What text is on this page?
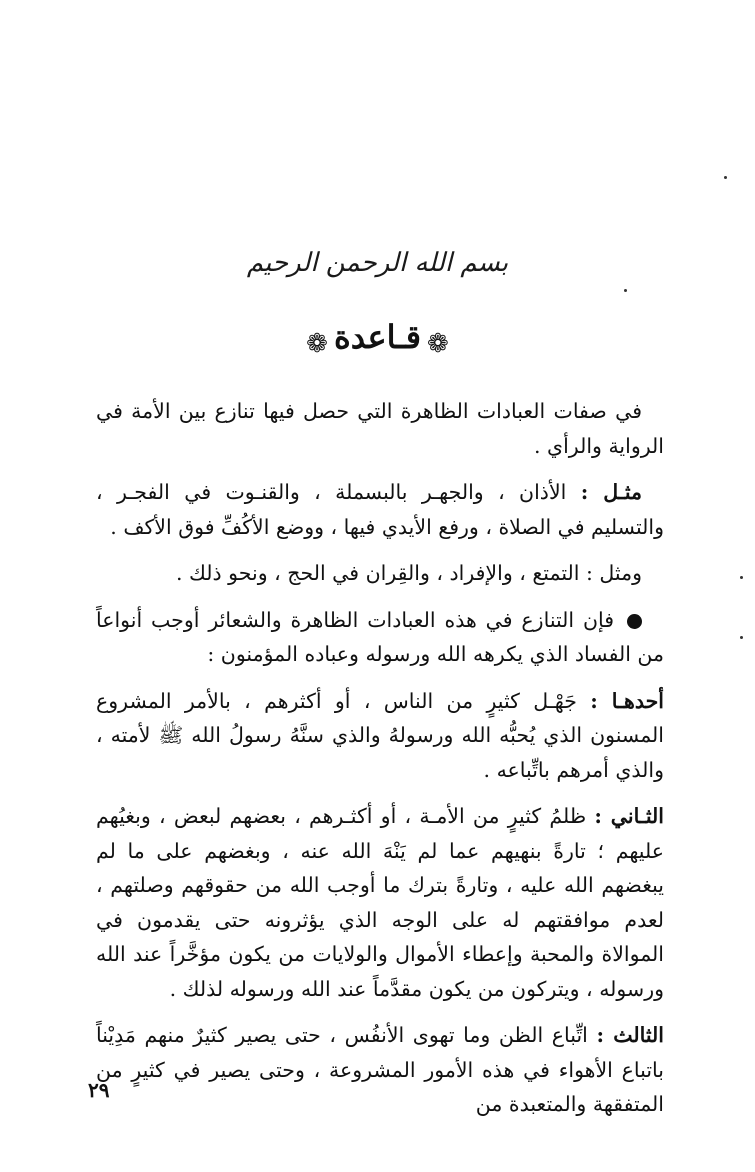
بسم الله الرحمن الرحيم
❁قـاعدة❁

في صفات العبادات الظاهرة التي حصل فيها تنازع بين الأمة في الرواية والرأي .

مثـل : الأذان ، والجهـر بالبسملة ، والقنـوت في الفجـر ، والتسليم في الصلاة ، ورفع الأيدي فيها ، ووضع الأكُفِّ فوق الأكف .

ومثل : التمتع ، والإفراد ، والقِران في الحج ، ونحو ذلك .

فإن التنازع في هذه العبادات الظاهرة والشعائر أوجب أنواعاً من الفساد الذي يكرهه الله ورسوله وعباده المؤمنون :

أحدهـا : جَهْـل كثيرٍ من الناس ، أو أكثرهم ، بالأمر المشروع المسنون الذي يُحبُّه الله ورسولهُ والذي سنَّهُ رسولُ الله ﷺ لأمته ، والذي أمرهم باتِّباعه .

الثـاني : ظلمُ كثيرٍ من الأمـة ، أو أكثـرهم ، بعضهم لبعض ، وبغيُهم عليهم ؛ تارةً بنهيهم عما لم يَنْهَ الله عنه ، وبغضهم على ما لم يبغضهم الله عليه ، وتارةً بترك ما أوجب الله من حقوقهم وصلتهم ، لعدم موافقتهم له على الوجه الذي يؤثرونه حتى يقدمون في الموالاة والمحبة وإعطاء الأموال والولايات من يكون مؤخَّراً عند الله ورسوله ، ويتركون من يكون مقدَّماً عند الله ورسوله لذلك .

الثالث : اتِّباع الظن وما تهوى الأنفُس ، حتى يصير كثيرٌ منهم مَدِيْناً باتباع الأهواء في هذه الأمور المشروعة ، وحتى يصير في كثيرٍ من المتفقهة والمتعبدة من

٢٩
